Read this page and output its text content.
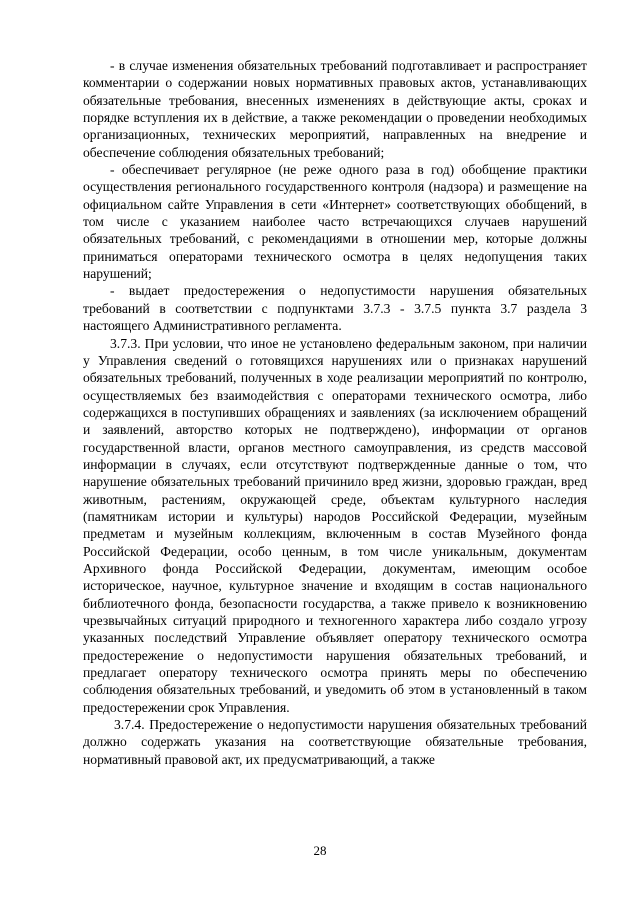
- в случае изменения обязательных требований подготавливает и распространяет комментарии о содержании новых нормативных правовых актов, устанавливающих обязательные требования, внесенных изменениях в действующие акты, сроках и порядке вступления их в действие, а также рекомендации о проведении необходимых организационных, технических мероприятий, направленных на внедрение и обеспечение соблюдения обязательных требований;

- обеспечивает регулярное (не реже одного раза в год) обобщение практики осуществления регионального государственного контроля (надзора) и размещение на официальном сайте Управления в сети «Интернет» соответствующих обобщений, в том числе с указанием наиболее часто встречающихся случаев нарушений обязательных требований, с рекомендациями в отношении мер, которые должны приниматься операторами технического осмотра в целях недопущения таких нарушений;

- выдает предостережения о недопустимости нарушения обязательных требований в соответствии с подпунктами 3.7.3 - 3.7.5 пункта 3.7 раздела 3 настоящего Административного регламента.

3.7.3. При условии, что иное не установлено федеральным законом, при наличии у Управления сведений о готовящихся нарушениях или о признаках нарушений обязательных требований, полученных в ходе реализации мероприятий по контролю, осуществляемых без взаимодействия с операторами технического осмотра, либо содержащихся в поступивших обращениях и заявлениях (за исключением обращений и заявлений, авторство которых не подтверждено), информации от органов государственной власти, органов местного самоуправления, из средств массовой информации в случаях, если отсутствуют подтвержденные данные о том, что нарушение обязательных требований причинило вред жизни, здоровью граждан, вред животным, растениям, окружающей среде, объектам культурного наследия (памятникам истории и культуры) народов Российской Федерации, музейным предметам и музейным коллекциям, включенным в состав Музейного фонда Российской Федерации, особо ценным, в том числе уникальным, документам Архивного фонда Российской Федерации, документам, имеющим особое историческое, научное, культурное значение и входящим в состав национального библиотечного фонда, безопасности государства, а также привело к возникновению чрезвычайных ситуаций природного и техногенного характера либо создало угрозу указанных последствий Управление объявляет оператору технического осмотра предостережение о недопустимости нарушения обязательных требований, и предлагает оператору технического осмотра принять меры по обеспечению соблюдения обязательных требований, и уведомить об этом в установленный в таком предостережении срок Управления.

3.7.4. Предостережение о недопустимости нарушения обязательных требований должно содержать указания на соответствующие обязательные требования, нормативный правовой акт, их предусматривающий, а также

28
